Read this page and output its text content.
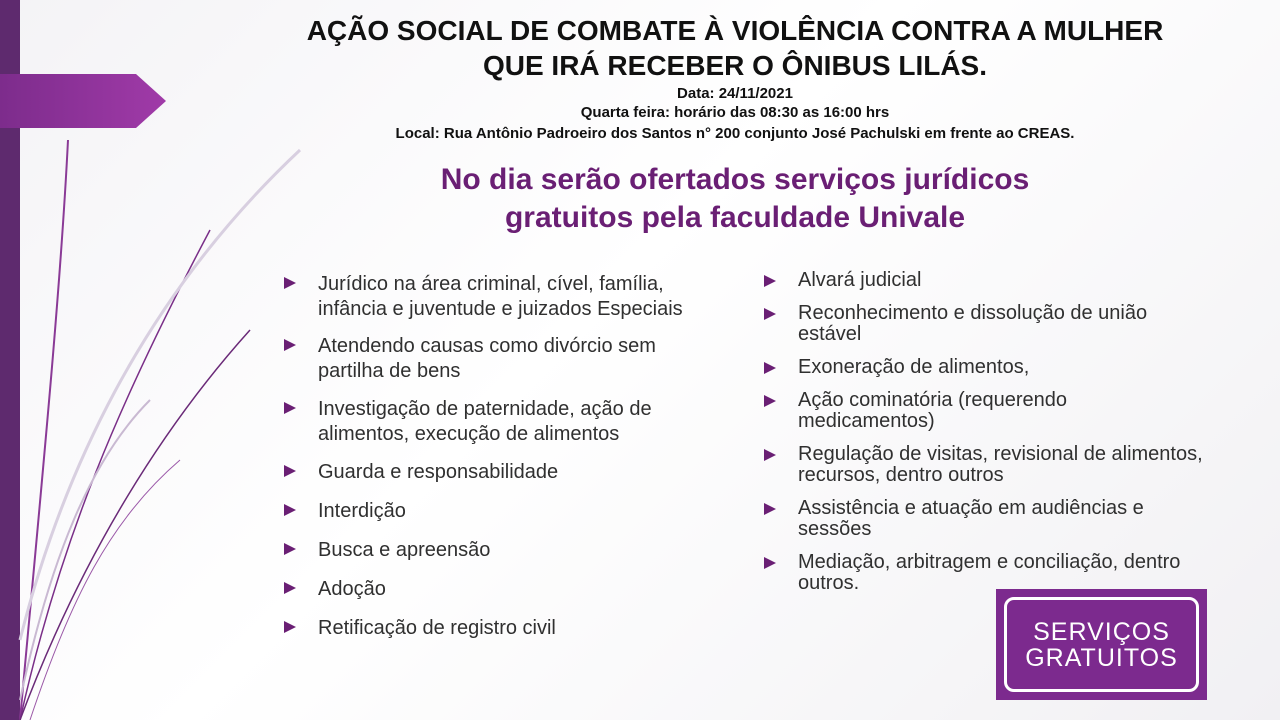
AÇÃO SOCIAL DE COMBATE À VIOLÊNCIA CONTRA A MULHER
QUE IRÁ RECEBER O ÔNIBUS LILÁS.
Data: 24/11/2021
Quarta feira: horário das 08:30 as 16:00 hrs
Local: Rua Antônio Padroeiro dos Santos n° 200 conjunto José Pachulski em frente ao CREAS.
No dia serão ofertados serviços jurídicos
gratuitos pela faculdade Univale
Jurídico na área criminal, cível, família, infância e juventude e juizados Especiais
Atendendo causas como divórcio sem partilha de bens
Investigação de paternidade, ação de alimentos, execução de alimentos
Guarda e responsabilidade
Interdição
Busca e apreensão
Adoção
Retificação de registro civil
Alvará judicial
Reconhecimento e dissolução de união estável
Exoneração de alimentos,
Ação cominatória (requerendo medicamentos)
Regulação de visitas, revisional de alimentos, recursos, dentro outros
Assistência e atuação em audiências e sessões
Mediação, arbitragem e conciliação, dentro outros.
SERVIÇOS
GRATUITOS
